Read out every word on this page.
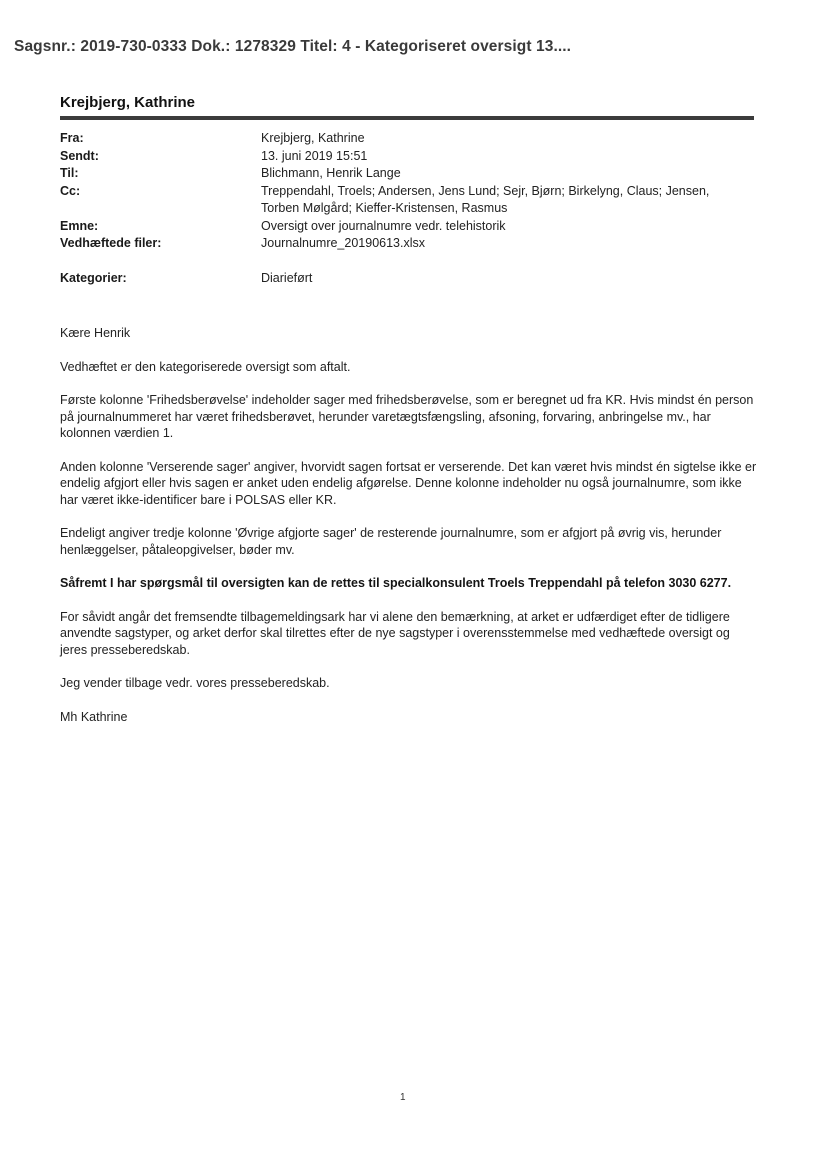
Sagsnr.: 2019-730-0333 Dok.: 1278329 Titel: 4 - Kategoriseret oversigt 13....
Krejbjerg, Kathrine
Fra:	Krejbjerg, Kathrine
Sendt:	13. juni 2019 15:51
Til:	Blichmann, Henrik Lange
Cc:	Treppendahl, Troels; Andersen, Jens Lund; Sejr, Bjørn; Birkelyng, Claus; Jensen,
Torben Mølgård; Kieffer-Kristensen, Rasmus
Emne:	Oversigt over journalnumre vedr. telehistorik
Vedhæftede filer:	Journalnumre_20190613.xlsx
Kategorier:	Diarieført

Kære Henrik

Vedhæftet er den kategoriserede oversigt som aftalt.

Første kolonne 'Frihedsberøvelse' indeholder sager med frihedsberøvelse, som er beregnet ud fra KR. Hvis mindst én person på journalnummeret har været frihedsberøvet, herunder varetægtsfængsling, afsoning, forvaring, anbringelse mv., har kolonnen værdien 1.

Anden kolonne 'Verserende sager' angiver, hvorvidt sagen fortsat er verserende. Det kan været hvis mindst én sigtelse ikke er endelig afgjort eller hvis sagen er anket uden endelig afgørelse. Denne kolonne indeholder nu også journalnumre, som ikke har været ikke-identificer bare i POLSAS eller KR.

Endeligt angiver tredje kolonne 'Øvrige afgjorte sager' de resterende journalnumre, som er afgjort på øvrig vis, herunder henlæggelser, påtaleopgivelser, bøder mv.

Såfremt I har spørgsmål til oversigten kan de rettes til specialkonsulent Troels Treppendahl på telefon 3030 6277.

For såvidt angår det fremsendte tilbagemeldingsark har vi alene den bemærkning, at arket er udfærdiget efter de tidligere anvendte sagstyper, og arket derfor skal tilrettes efter de nye sagstyper i overensstemmelse med vedhæftede oversigt og jeres presseberedskab.

Jeg vender tilbage vedr. vores presseberedskab.

Mh Kathrine

1
